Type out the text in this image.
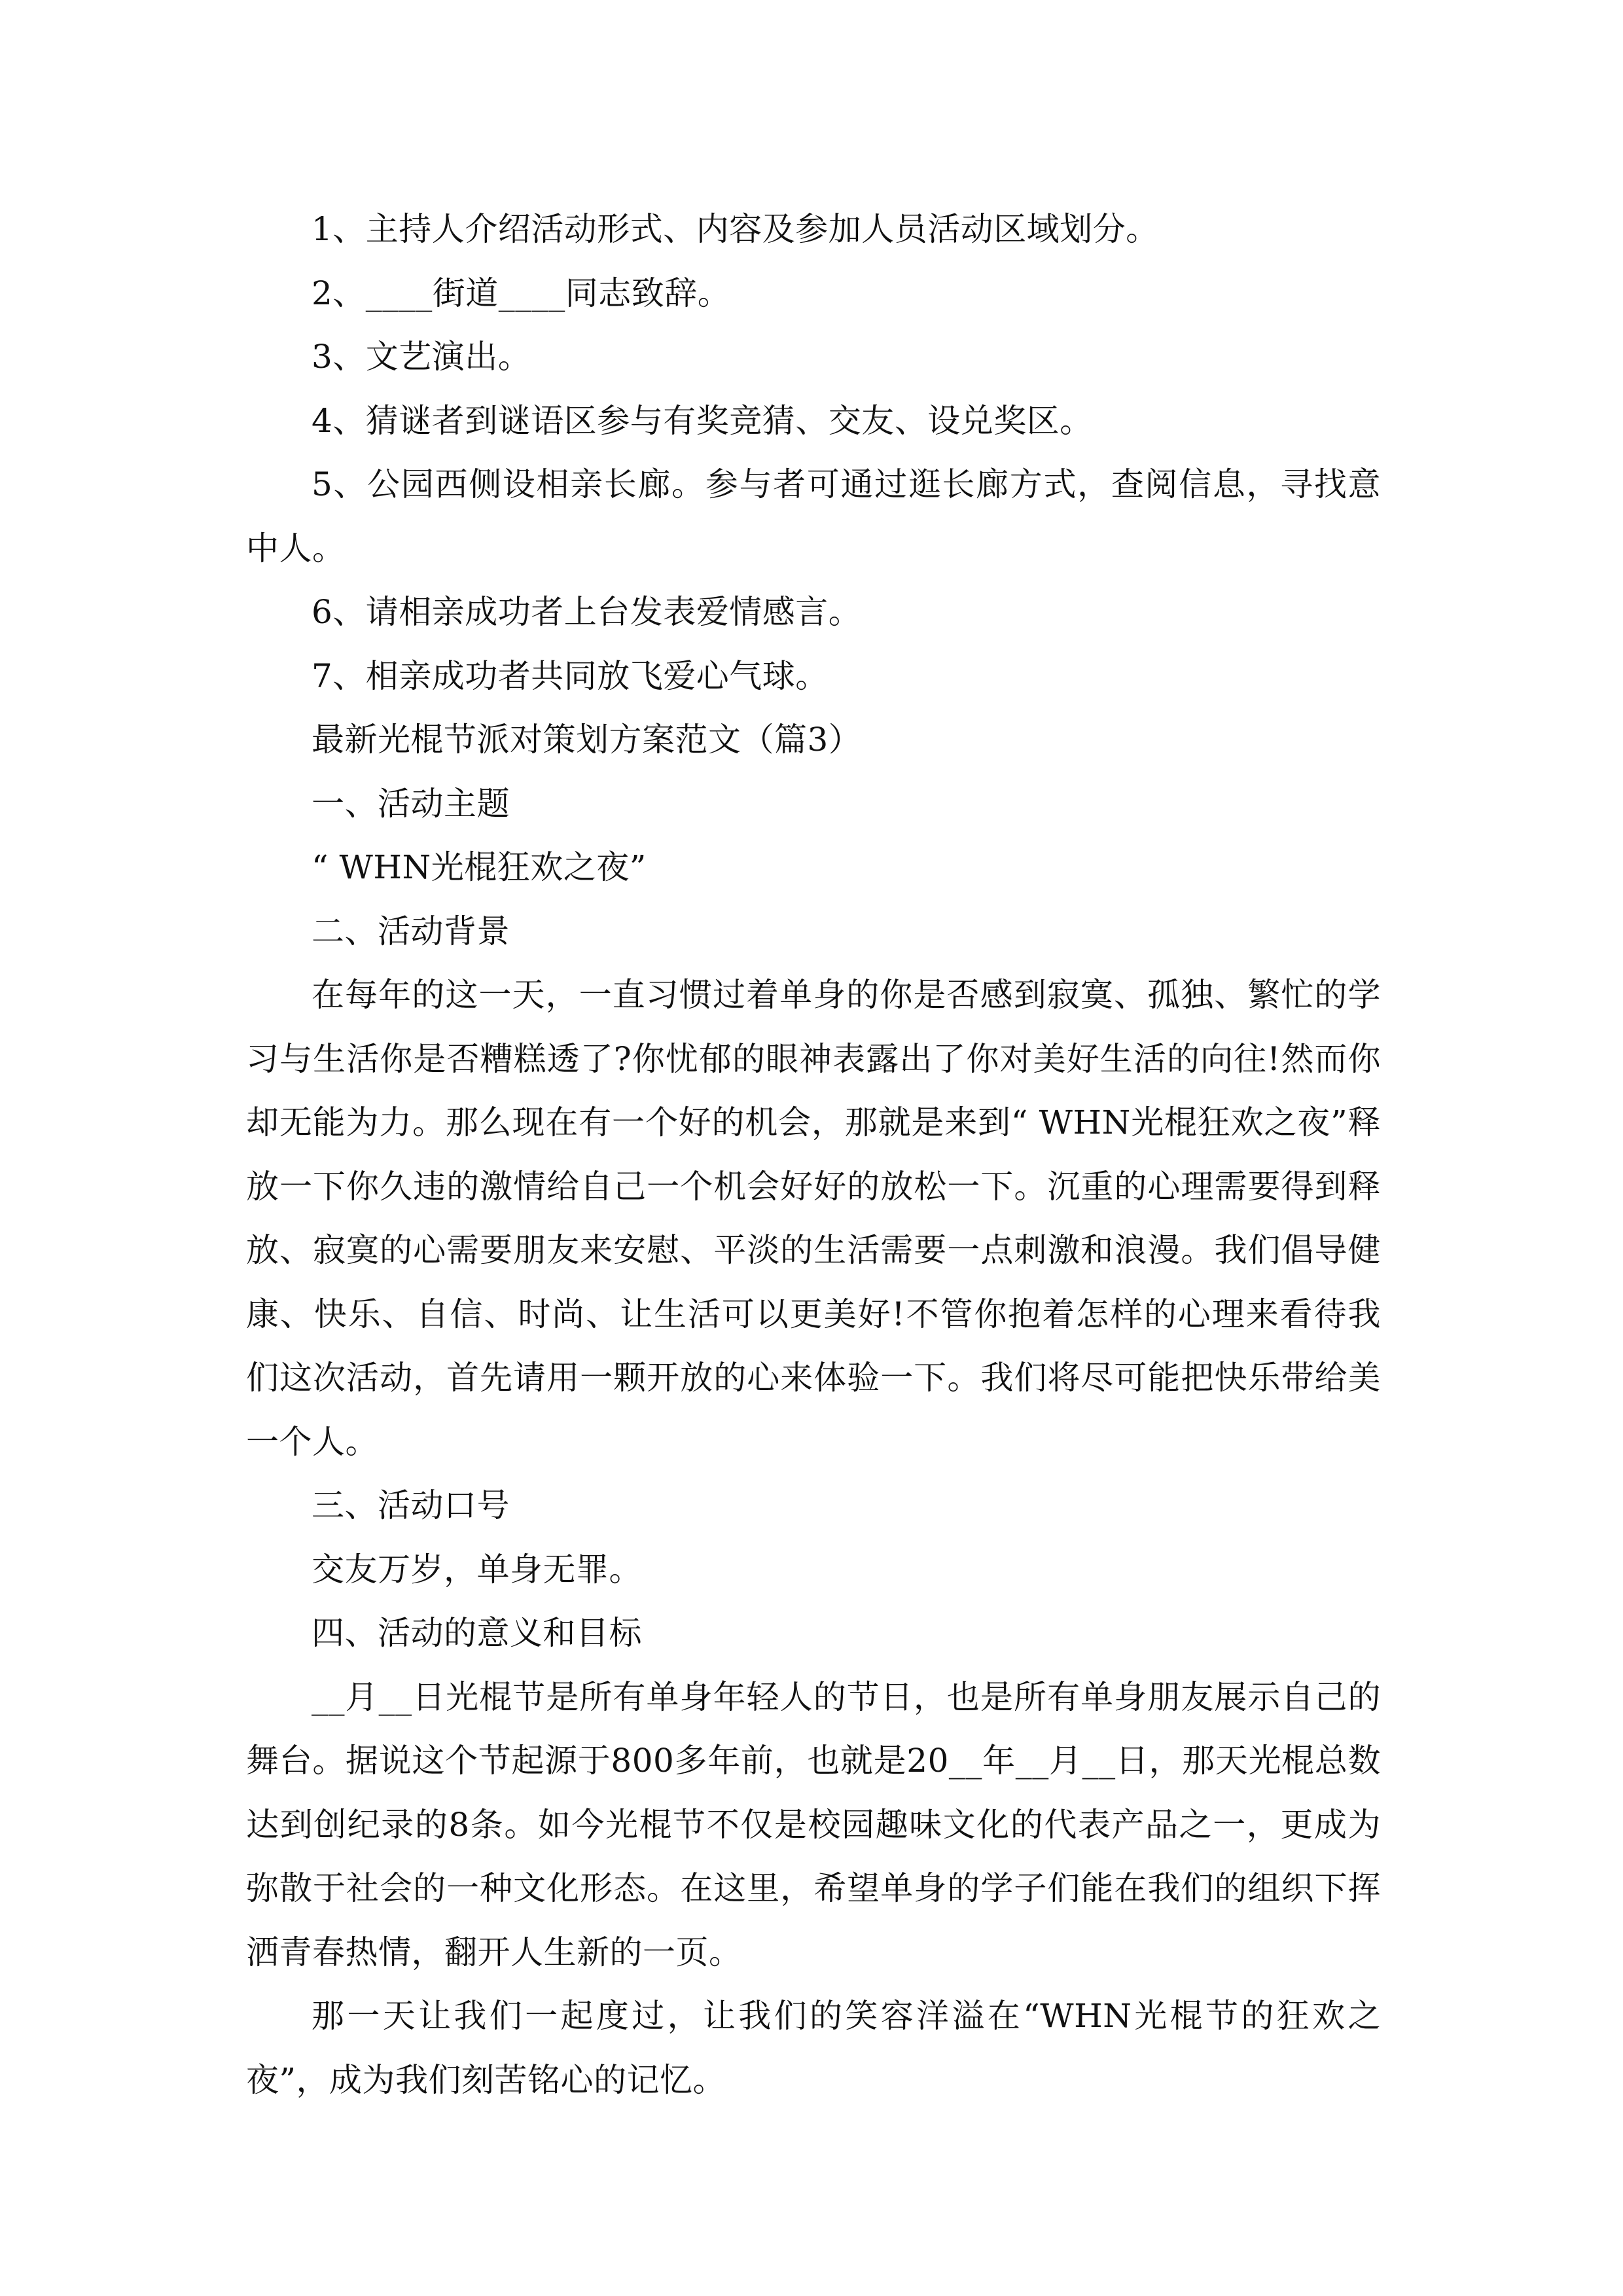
1、主持人介绍活动形式、内容及参加人员活动区域划分。

2、____街道____同志致辞。

3、文艺演出。

4、猜谜者到谜语区参与有奖竞猜、交友、设兑奖区。

5、公园西侧设相亲长廊。参与者可通过逛长廊方式，查阅信息，寻找意中人。

6、请相亲成功者上台发表爱情感言。

7、相亲成功者共同放飞爱心气球。

最新光棍节派对策划方案范文（篇3）

一、活动主题

“ WHN光棍狂欢之夜”

二、活动背景

在每年的这一天，一直习惯过着单身的你是否感到寂寞、孤独、繁忙的学习与生活你是否糟糕透了?你忧郁的眼神表露出了你对美好生活的向往!然而你却无能为力。那么现在有一个好的机会，那就是来到“ WHN光棍狂欢之夜”释放一下你久违的激情给自己一个机会好好的放松一下。沉重的心理需要得到释放、寂寞的心需要朋友来安慰、平淡的生活需要一点刺激和浪漫。我们倡导健康、快乐、自信、时尚、让生活可以更美好!不管你抱着怎样的心理来看待我们这次活动，首先请用一颗开放的心来体验一下。我们将尽可能把快乐带给美一个人。

三、活动口号

交友万岁，单身无罪。

四、活动的意义和目标

__月__日光棍节是所有单身年轻人的节日，也是所有单身朋友展示自己的舞台。据说这个节起源于800多年前，也就是20__年__月__日，那天光棍总数达到创纪录的8条。如今光棍节不仅是校园趣味文化的代表产品之一，更成为弥散于社会的一种文化形态。在这里，希望单身的学子们能在我们的组织下挥洒青春热情，翻开人生新的一页。

那一天让我们一起度过，让我们的笑容洋溢在“WHN光棍节的狂欢之夜”，成为我们刻苦铭心的记忆。
